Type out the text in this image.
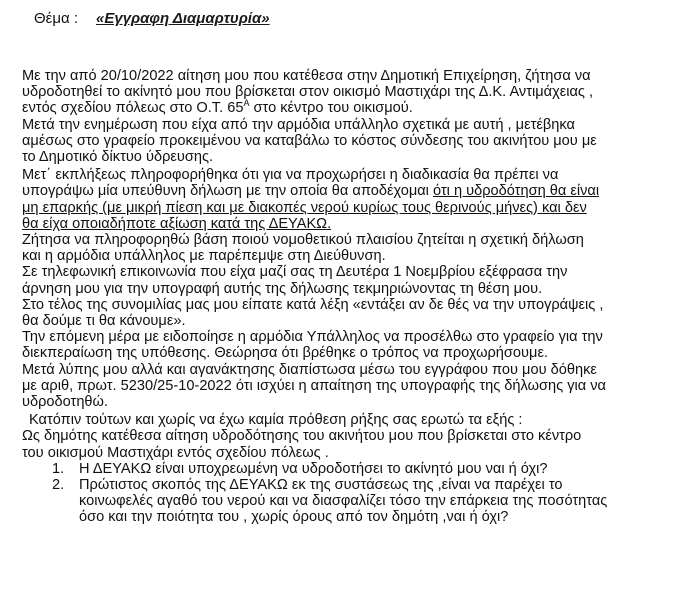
Θέμα : «Εγγραφη Διαμαρτυρία»
Με την από 20/10/2022 αίτηση μου που κατέθεσα στην Δημοτική Επιχείρηση, ζήτησα να
υδροδοτηθεί το ακίνητό μου που βρίσκεται στον οικισμό Μαστιχάρι της Δ.Κ. Αντιμάχειας ,
εντός σχεδίου πόλεως στο Ο.Τ. $65^A$ στο κέντρο του οικισμού.
Μετά την ενημέρωση που είχα από την αρμόδια υπάλληλο σχετικά με αυτή , μετέβηκα
αμέσως στο γραφείο προκειμένου να καταβάλω το κόστος σύνδεσης του ακινήτου μου με
το Δημοτικό δίκτυο ύδρευσης.
Μετ΄ εκπλήξεως πληροφορήθηκα ότι για να προχωρήσει η διαδικασία θα πρέπει να
υπογράψω μία υπεύθυνη δήλωση με την οποία θα αποδέχομαι ότι η υδροδότηση θα είναι
μη επαρκής (με μικρή πίεση και με διακοπές νερού κυρίως τους θερινούς μήνες) και δεν
θα είχα οποιαδήποτε αξίωση κατά της ΔΕΥΑΚΩ.
Ζήτησα να πληροφορηθώ βάση ποιού νομοθετικού πλαισίου ζητείται η σχετική δήλωση
και η αρμόδια υπάλληλος με παρέπεμψε στη Διεύθυνση.
Σε τηλεφωνική επικοινωνία που είχα μαζί σας τη Δευτέρα 1 Νοεμβρίου εξέφρασα την
άρνηση μου για την υπογραφή αυτής της δήλωσης τεκμηριώνοντας τη θέση μου.
Στο τέλος της συνομιλίας μας μου είπατε κατά λέξη «εντάξει αν δε θές να την υπογράψεις ,
θα δούμε τι θα κάνουμε».
Την επόμενη μέρα με ειδοποίησε η αρμόδια Υπάλληλος να προσέλθω στο γραφείο για την
διεκπεραίωση της υπόθεσης. Θεώρησα ότι βρέθηκε ο τρόπος να προχωρήσουμε.
Μετά λύπης μου αλλά και αγανάκτησης διαπίστωσα μέσω του εγγράφου που μου δόθηκε
με αριθ, πρωτ. 5230/25-10-2022 ότι ισχύει η απαίτηση της υπογραφής της δήλωσης για να
υδροδοτηθώ.
Κατόπιν τούτων και χωρίς να έχω καμία πρόθεση ρήξης σας ερωτώ τα εξής :
Ως δημότης κατέθεσα αίτηση υδροδότησης του ακινήτου μου που βρίσκεται στο κέντρο
του οικισμού Μαστιχάρι εντός σχεδίου πόλεως .
1. Η ΔΕΥΑΚΩ είναι υποχρεωμένη να υδροδοτήσει το ακίνητό μου ναι ή όχι?
2. Πρώτιστος σκοπός της ΔΕΥΑΚΩ εκ της συστάσεως της ,είναι να παρέχει το
κοινωφελές αγαθό του νερού και να διασφαλίζει τόσο την επάρκεια της ποσότητας
όσο και την ποιότητα του , χωρίς όρους από τον δημότη ,ναι ή όχι?
